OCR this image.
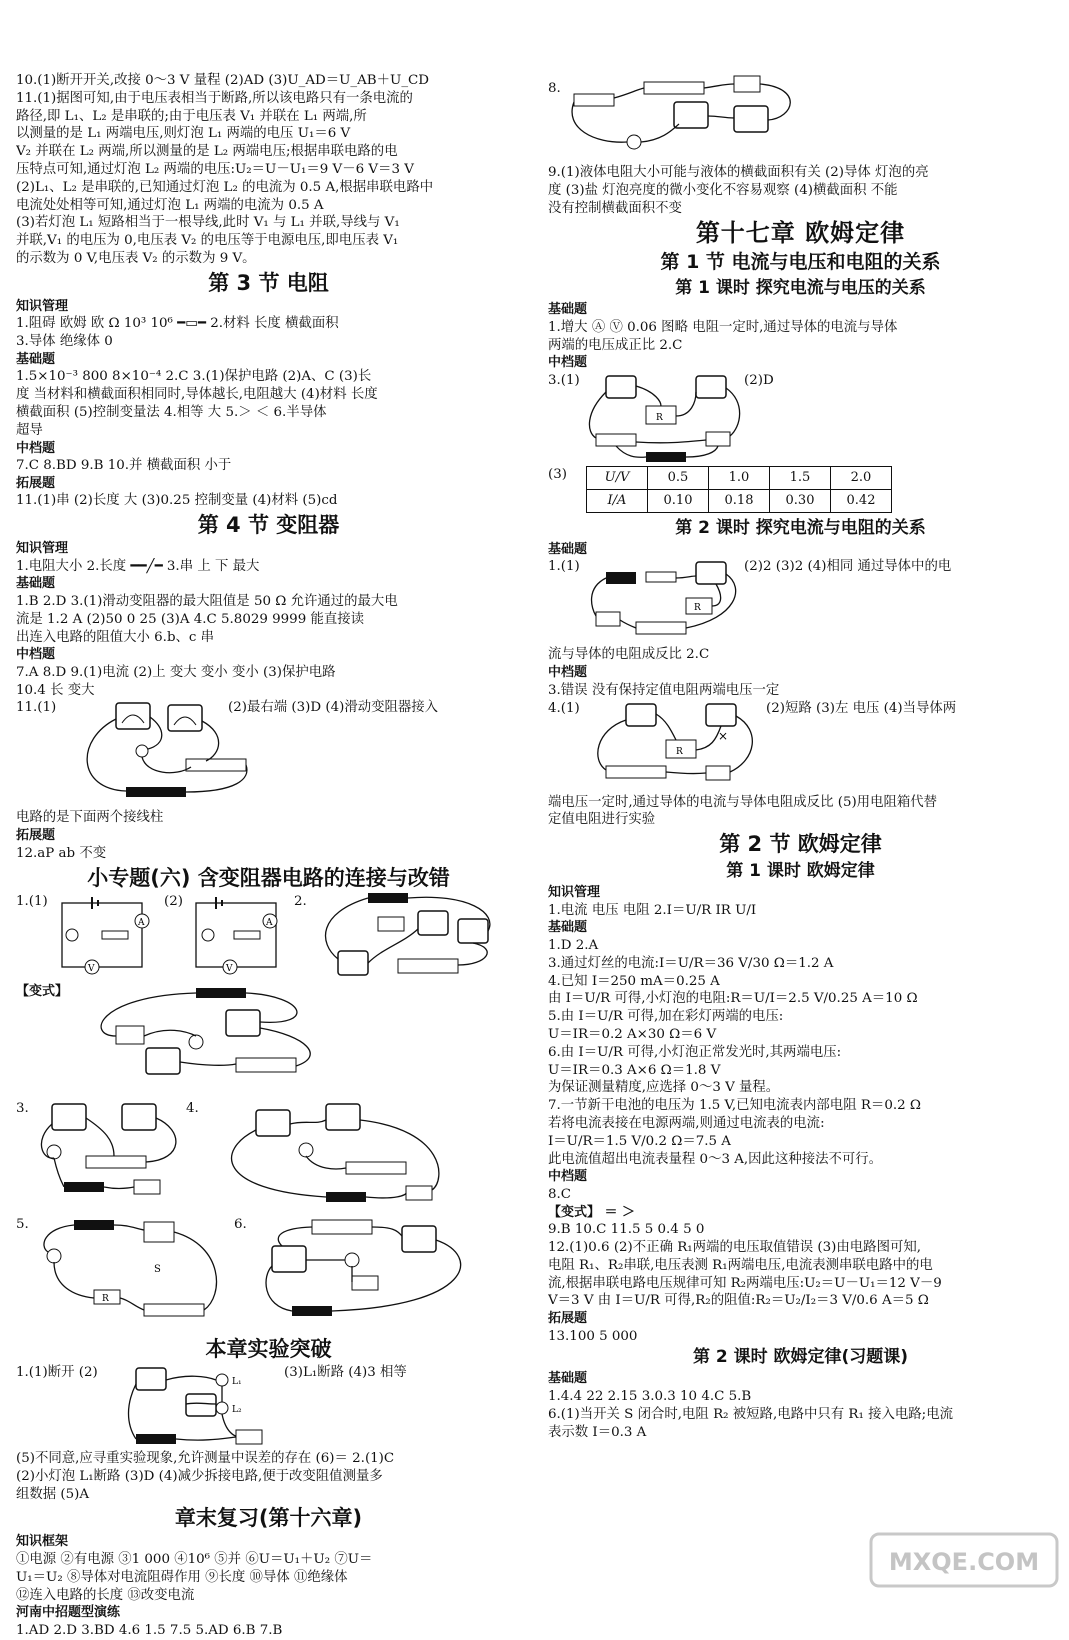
10.(1)断开开关,改接 0～3 V 量程 (2)AD (3)U_AD＝U_AB＋U_CD
11.(1)据图可知,由于电压表相当于断路,所以该电路只有一条电流的
路径,即 L₁、L₂ 是串联的;由于电压表 V₁ 并联在 L₁ 两端,所
以测量的是 L₁ 两端电压,则灯泡 L₁ 两端的电压 U₁＝6 V
V₂ 并联在 L₂ 两端,所以测量的是 L₂ 两端电压;根据串联电路的电
压特点可知,通过灯泡 L₂ 两端的电压:U₂＝U－U₁＝9 V－6 V＝3 V
(2)L₁、L₂ 是串联的,已知通过灯泡 L₂ 的电流为 0.5 A,根据串联电路中
电流处处相等可知,通过灯泡 L₁ 两端的电流为 0.5 A
(3)若灯泡 L₁ 短路相当于一根导线,此时 V₁ 与 L₁ 并联,导线与 V₁
并联,V₁ 的电压为 0,电压表 V₂ 的电压等于电源电压,即电压表 V₁
的示数为 0 V,电压表 V₂ 的示数为 9 V。
第 3 节 电阻
知识管理
1.阻碍 欧姆 欧 Ω 10³ 10⁶ ━▭━ 2.材料 长度 横截面积
3.导体 绝缘体 0
基础题
1.5×10⁻³ 800 8×10⁻⁴ 2.C 3.(1)保护电路 (2)A、C (3)长
度 当材料和横截面积相同时,导体越长,电阻越大 (4)材料 长度
横截面积 (5)控制变量法 4.相等 大 5.＞ ＜ 6.半导体
超导
中档题
7.C 8.BD 9.B 10.并 横截面积 小于
拓展题
11.(1)串 (2)长度 大 (3)0.25 控制变量 (4)材料 (5)cd
第 4 节 变阻器
知识管理
1.电阻大小 2.长度 ━━╱━ 3.串 上 下 最大
基础题
1.B 2.D 3.(1)滑动变阻器的最大阻值是 50 Ω 允许通过的最大电
流是 1.2 A (2)50 0 25 (3)A 4.C 5.8029 9999 能直接读
出连入电路的阻值大小 6.b、c 串
中档题
7.A 8.D 9.(1)电流 (2)上 变大 变小 变小 (3)保护电路
10.4 长 变大
11.(1)	(2)最右端 (3)D (4)滑动变阻器接入
电路的是下面两个接线柱
拓展题
12.aP ab 不变
小专题(六) 含变阻器电路的连接与改错
1.(1)	(2)	2.
A
V
A
V
【变式】
3.	4.
5.	6.
S
R
本章实验突破
1.(1)断开 (2)	(3)L₁断路 (4)3 相等
L₁
L₂
(5)不同意,应寻重实验现象,允许测量中误差的存在 (6)＝ 2.(1)C
(2)小灯泡 L₁断路 (3)D (4)减少拆接电路,便于改变阻值测量多
组数据 (5)A
章末复习(第十六章)
知识框架
①电源 ②有电源 ③1 000 ④10⁶ ⑤并 ⑥U＝U₁＋U₂ ⑦U＝
U₁＝U₂ ⑧导体对电流阻碍作用 ⑨长度 ⑩导体 ⑪绝缘体
⑫连入电路的长度 ⑬改变电流
河南中招题型演练
1.AD 2.D 3.BD 4.6 1.5 7.5 5.AD 6.B 7.B
8.
9.(1)液体电阻大小可能与液体的横截面积有关 (2)导体 灯泡的亮
度 (3)盐 灯泡亮度的微小变化不容易观察 (4)横截面积 不能
没有控制横截面积不变
第十七章 欧姆定律
第 1 节 电流与电压和电阻的关系
第 1 课时 探究电流与电压的关系
基础题
1.增大 Ⓐ Ⓥ 0.06 图略 电阻一定时,通过导体的电流与导体
两端的电压成正比 2.C
中档题
3.(1)	(2)D
R
(3)	U/V	0.5	1.0	1.5	2.0
I/A	0.10	0.18	0.30	0.42
第 2 课时 探究电流与电阻的关系
基础题
1.(1)	(2)2 (3)2 (4)相同 通过导体中的电
R
流与导体的电阻成反比 2.C
中档题
3.错误 没有保持定值电阻两端电压一定
4.(1)	(2)短路 (3)左 电压 (4)当导体两
R
×
端电压一定时,通过导体的电流与导体电阻成反比 (5)用电阻箱代替
定值电阻进行实验
第 2 节 欧姆定律
第 1 课时 欧姆定律
知识管理
1.电流 电压 电阻 2.I＝U/R IR U/I
基础题
1.D 2.A
3.通过灯丝的电流:I＝U/R＝36 V/30 Ω＝1.2 A
4.已知 I＝250 mA＝0.25 A
由 I＝U/R 可得,小灯泡的电阻:R＝U/I＝2.5 V/0.25 A＝10 Ω
5.由 I＝U/R 可得,加在彩灯两端的电压:
U＝IR＝0.2 A×30 Ω＝6 V
6.由 I＝U/R 可得,小灯泡正常发光时,其两端电压:
U＝IR＝0.3 A×6 Ω＝1.8 V
为保证测量精度,应选择 0～3 V 量程。
7.一节新干电池的电压为 1.5 V,已知电流表内部电阻 R＝0.2 Ω
若将电流表接在电源两端,则通过电流表的电流:
I＝U/R＝1.5 V/0.2 Ω＝7.5 A
此电流值超出电流表量程 0～3 A,因此这种接法不可行。
中档题
8.C
【变式】 ＝ ＞
9.B 10.C 11.5 5 0.4 5 0
12.(1)0.6 (2)不正确 R₁两端的电压取值错误 (3)由电路图可知,
电阻 R₁、R₂串联,电压表测 R₁两端电压,电流表测串联电路中的电
流,根据串联电路电压规律可知 R₂两端电压:U₂＝U－U₁＝12 V－9
V＝3 V 由 I＝U/R 可得,R₂的阻值:R₂＝U₂/I₂＝3 V/0.6 A＝5 Ω
拓展题
13.100 5 000
第 2 课时 欧姆定律(习题课)
基础题
1.4.4 22 2.15 3.0.3 10 4.C 5.B
6.(1)当开关 S 闭合时,电阻 R₂ 被短路,电路中只有 R₁ 接入电路;电流
表示数 I＝0.3 A
MXQE.COM
